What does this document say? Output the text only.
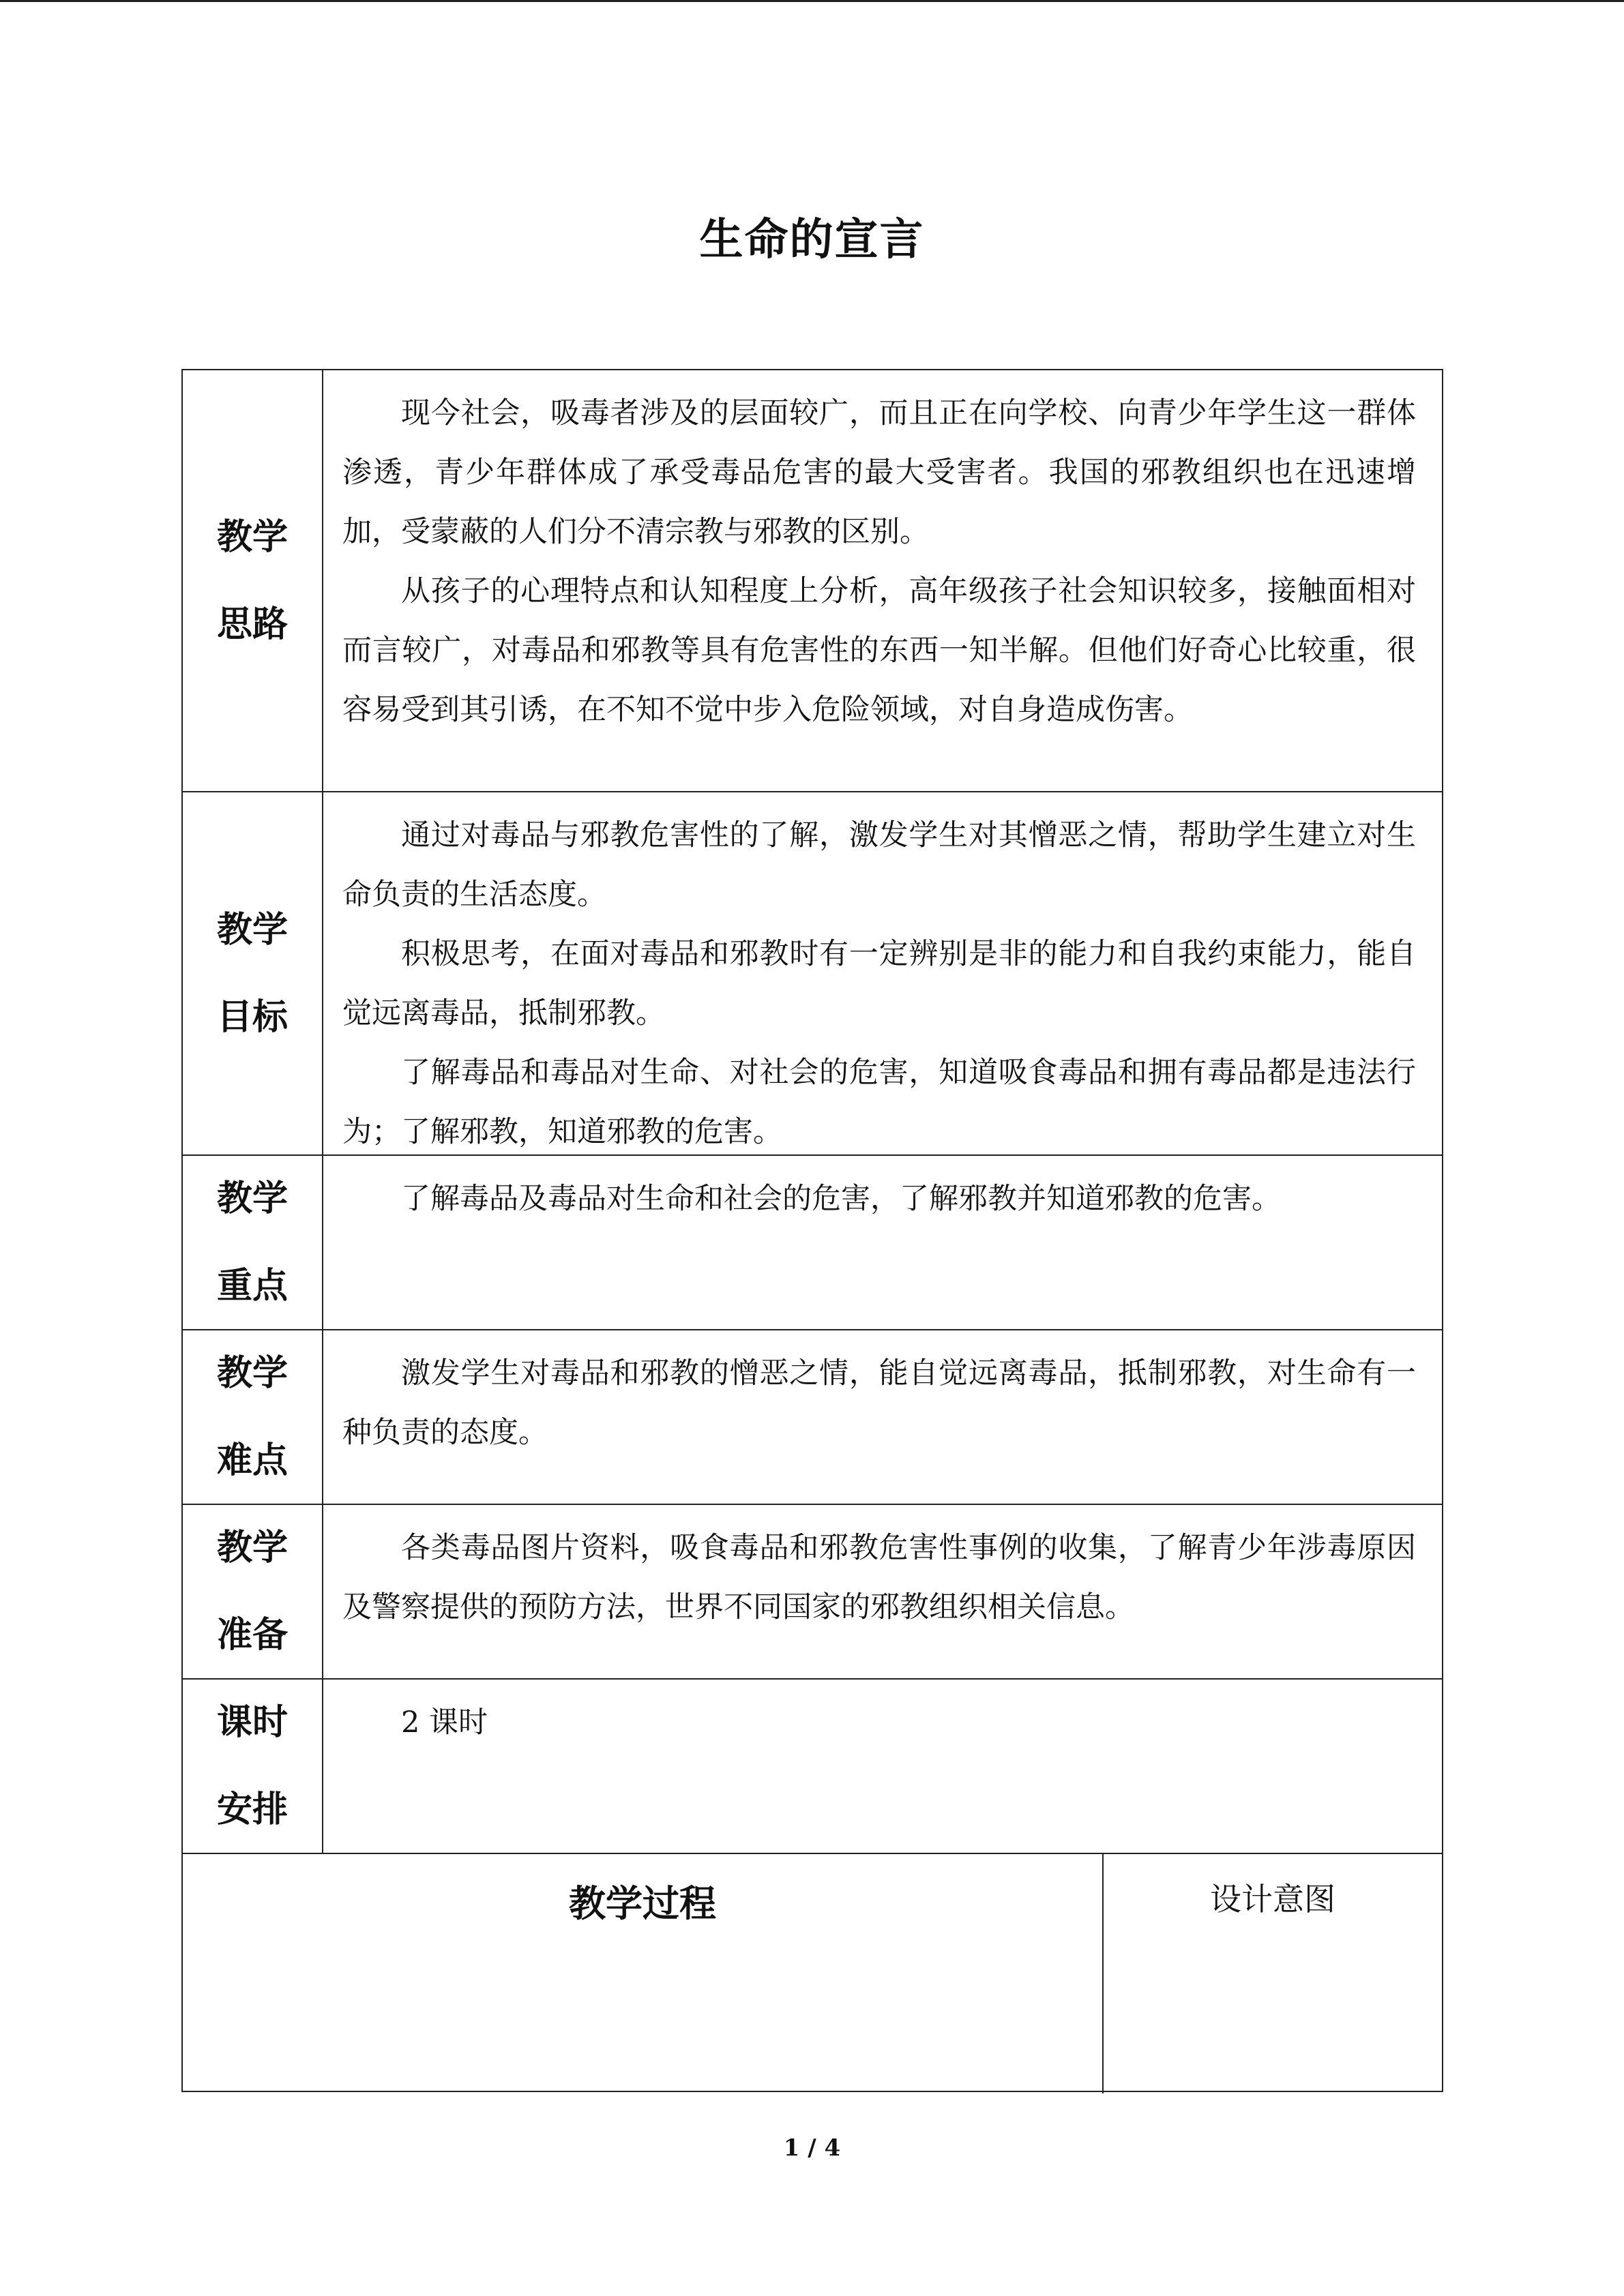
生命的宣言
教学思路

现今社会，吸毒者涉及的层面较广，而且正在向学校、向青少年学生这一群体渗透，青少年群体成了承受毒品危害的最大受害者。我国的邪教组织也在迅速增加，受蒙蔽的人们分不清宗教与邪教的区别。

从孩子的心理特点和认知程度上分析，高年级孩子社会知识较多，接触面相对而言较广，对毒品和邪教等具有危害性的东西一知半解。但他们好奇心比较重，很容易受到其引诱，在不知不觉中步入危险领域，对自身造成伤害。

教学目标

通过对毒品与邪教危害性的了解，激发学生对其憎恶之情，帮助学生建立对生命负责的生活态度。

积极思考，在面对毒品和邪教时有一定辨别是非的能力和自我约束能力，能自觉远离毒品，抵制邪教。

了解毒品和毒品对生命、对社会的危害，知道吸食毒品和拥有毒品都是违法行为；了解邪教，知道邪教的危害。

教学重点

了解毒品及毒品对生命和社会的危害，了解邪教并知道邪教的危害。

教学难点

激发学生对毒品和邪教的憎恶之情，能自觉远离毒品，抵制邪教，对生命有一种负责的态度。

教学准备

各类毒品图片资料，吸食毒品和邪教危害性事例的收集，了解青少年涉毒原因及警察提供的预防方法，世界不同国家的邪教组织相关信息。

课时安排

2 课时

教学过程	设计意图
1 / 4
